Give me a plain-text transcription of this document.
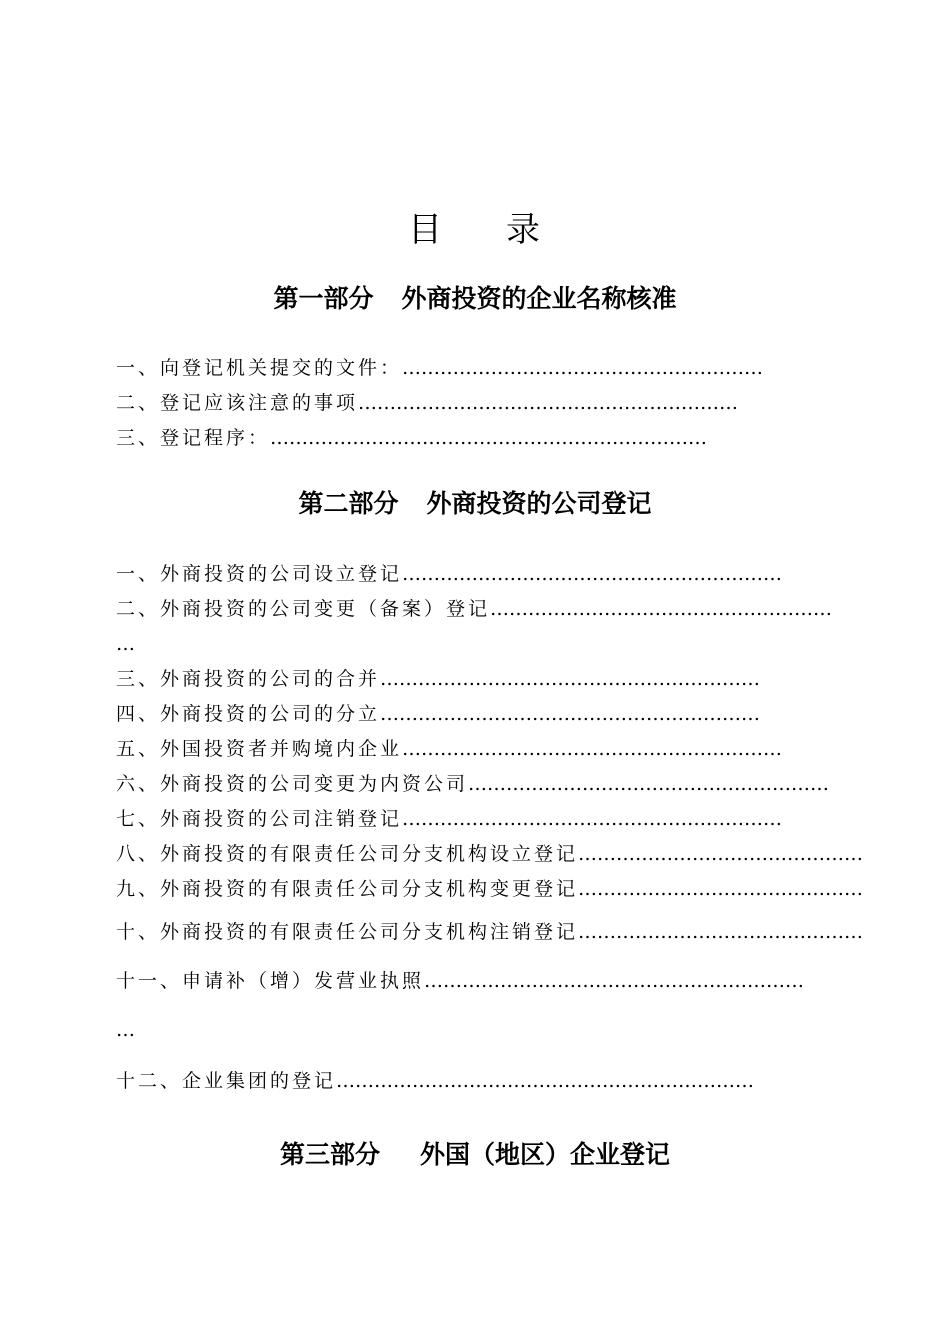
目 录
第一部分 外商投资的企业名称核准
一、向登记机关提交的文件：…………………………………………………
二、登记应该注意的事项……………………………………………………
三、登记程序：……………………………………………………………
第二部分 外商投资的公司登记
一、外商投资的公司设立登记……………………………………………………
二、外商投资的公司变更（备案）登记………………………………………………
…
三、外商投资的公司的合并……………………………………………………
四、外商投资的公司的分立……………………………………………………
五、外国投资者并购境内企业……………………………………………………
六、外商投资的公司变更为内资公司…………………………………………………
七、外商投资的公司注销登记……………………………………………………
八、外商投资的有限责任公司分支机构设立登记………………………………………
九、外商投资的有限责任公司分支机构变更登记………………………………………
十、外商投资的有限责任公司分支机构注销登记………………………………………
十一、申请补（增）发营业执照……………………………………………………
…
十二、企业集团的登记…………………………………………………………
第三部分 外国（地区）企业登记
